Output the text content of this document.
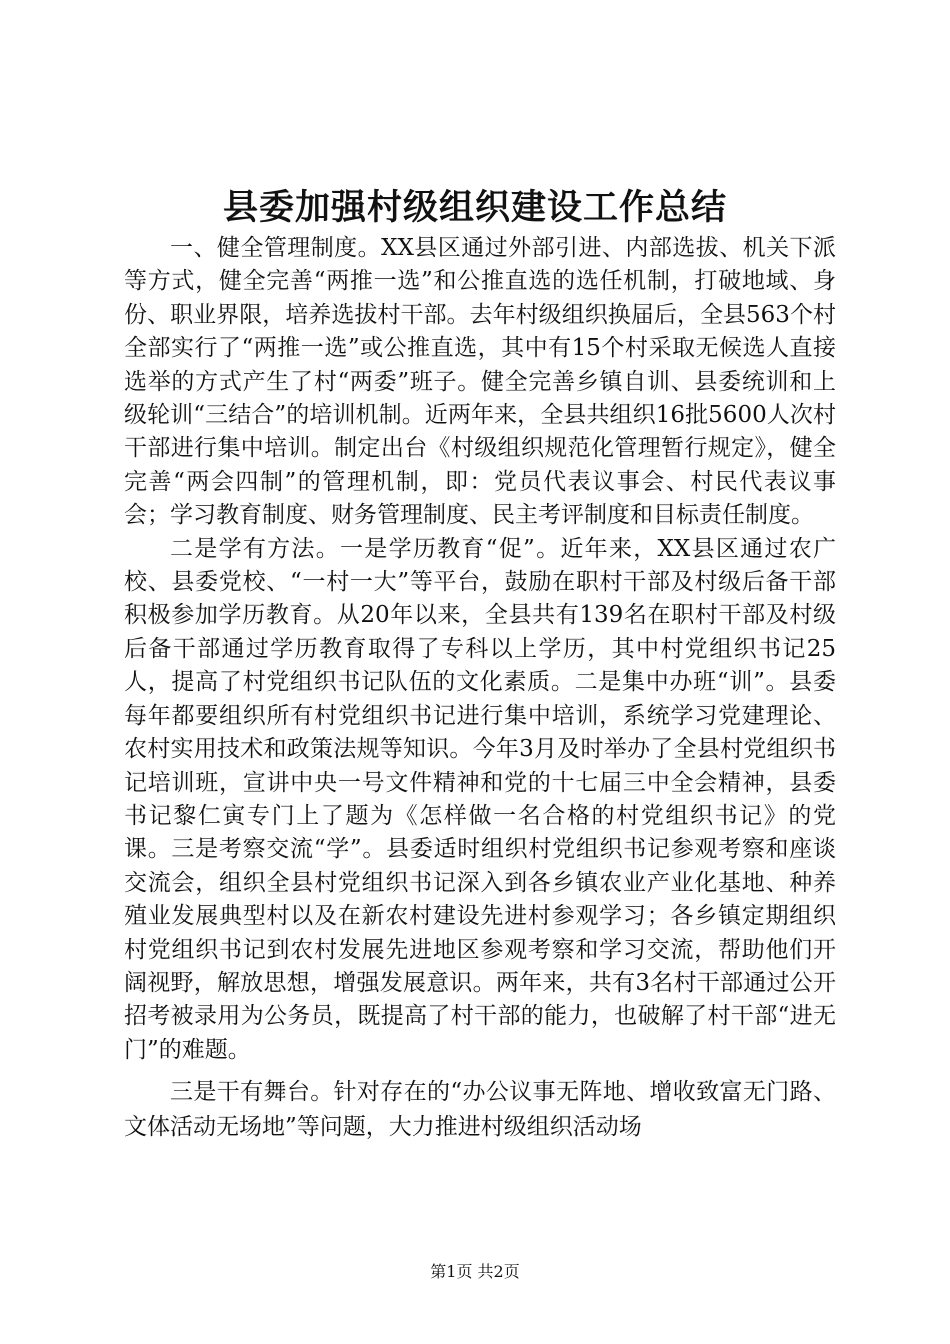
县委加强村级组织建设工作总结

一、健全管理制度。XX县区通过外部引进、内部选拔、机关下派等方式，健全完善“两推一选”和公推直选的选任机制，打破地域、身份、职业界限，培养选拔村干部。去年村级组织换届后，全县563个村全部实行了“两推一选”或公推直选，其中有15个村采取无候选人直接选举的方式产生了村“两委”班子。健全完善乡镇自训、县委统训和上级轮训“三结合”的培训机制。近两年来，全县共组织16批5600人次村干部进行集中培训。制定出台《村级组织规范化管理暂行规定》，健全完善“两会四制”的管理机制，即：党员代表议事会、村民代表议事会；学习教育制度、财务管理制度、民主考评制度和目标责任制度。

二是学有方法。一是学历教育“促”。近年来，XX县区通过农广校、县委党校、“一村一大”等平台，鼓励在职村干部及村级后备干部积极参加学历教育。从20年以来，全县共有139名在职村干部及村级后备干部通过学历教育取得了专科以上学历，其中村党组织书记25人，提高了村党组织书记队伍的文化素质。二是集中办班“训”。县委每年都要组织所有村党组织书记进行集中培训，系统学习党建理论、农村实用技术和政策法规等知识。今年3月及时举办了全县村党组织书记培训班，宣讲中央一号文件精神和党的十七届三中全会精神，县委书记黎仁寅专门上了题为《怎样做一名合格的村党组织书记》的党课。三是考察交流“学”。县委适时组织村党组织书记参观考察和座谈交流会，组织全县村党组织书记深入到各乡镇农业产业化基地、种养殖业发展典型村以及在新农村建设先进村参观学习；各乡镇定期组织村党组织书记到农村发展先进地区参观考察和学习交流，帮助他们开阔视野，解放思想，增强发展意识。两年来，共有3名村干部通过公开招考被录用为公务员，既提高了村干部的能力，也破解了村干部“进无门”的难题。

三是干有舞台。针对存在的“办公议事无阵地、增收致富无门路、文体活动无场地”等问题，大力推进村级组织活动场

第1页 共2页
